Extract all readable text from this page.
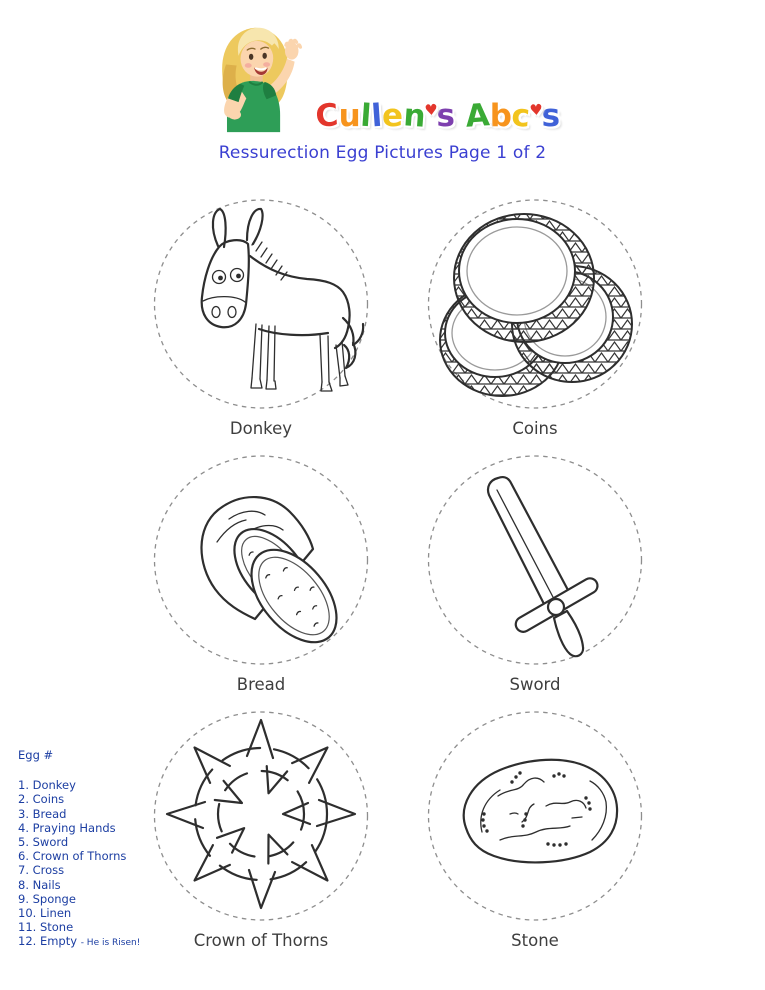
Cullen♥s Abc♥s
Ressurection Egg Pictures Page 1 of 2
Donkey	Coins
Bread	Sword
Crown of Thorns	Stone

Egg #

1. Donkey
2. Coins
3. Bread
4. Praying Hands
5. Sword
6. Crown of Thorns
7. Cross
8. Nails
9. Sponge
10. Linen
11. Stone
12. Empty - He is Risen!
